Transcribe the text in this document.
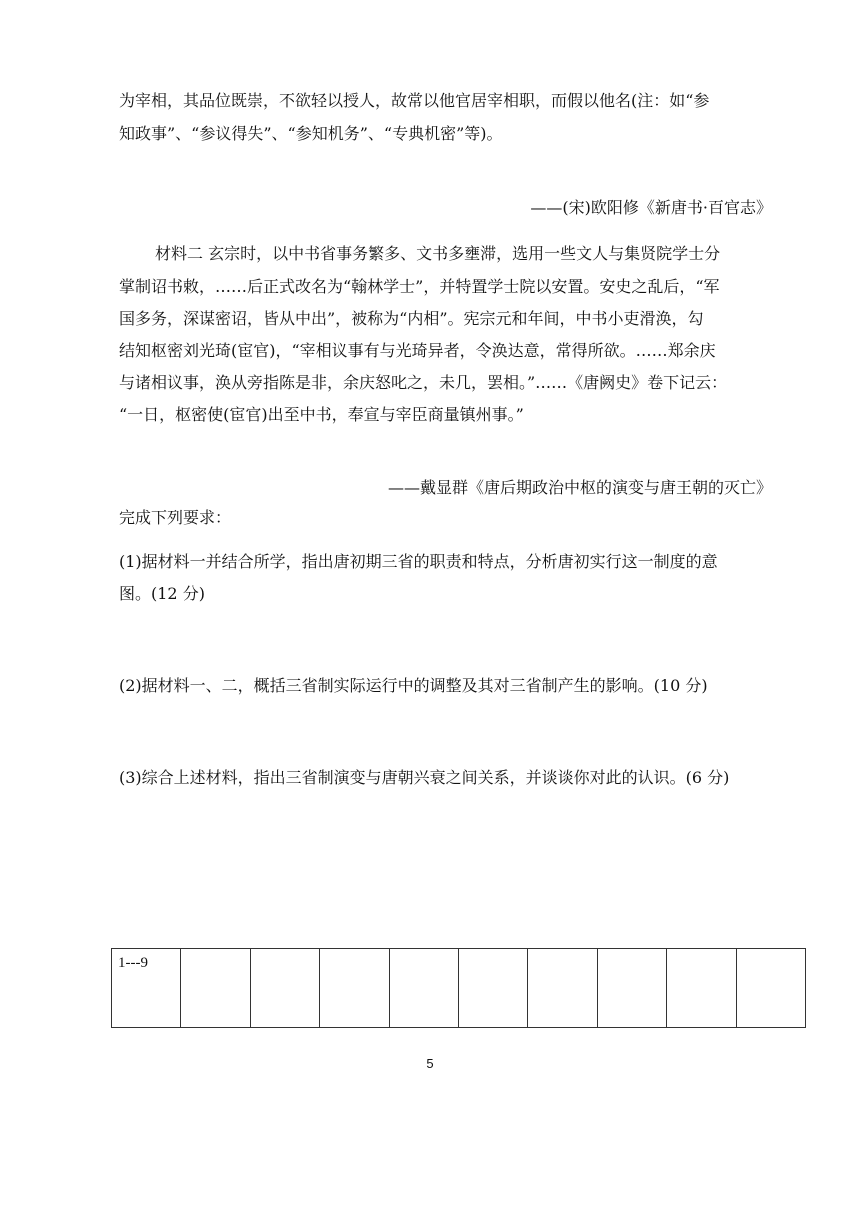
为宰相，其品位既崇，不欲轻以授人，故常以他官居宰相职，而假以他名(注：如“参
知政事”、“参议得失”、“参知机务”、“专典机密”等)。
——(宋)欧阳修《新唐书·百官志》
材料二 玄宗时，以中书省事务繁多、文书多壅滞，选用一些文人与集贤院学士分
掌制诏书敕，……后正式改名为“翰林学士”，并特置学士院以安置。安史之乱后，“军
国多务，深谋密诏，皆从中出”，被称为“内相”。宪宗元和年间，中书小吏滑涣，勾
结知枢密刘光琦(宦官)，“宰相议事有与光琦异者，令涣达意，常得所欲。……郑余庆
与诸相议事，涣从旁指陈是非，余庆怒叱之，未几，罢相。”……《唐阙史》卷下记云：
“一日，枢密使(宦官)出至中书，奉宣与宰臣商量镇州事。”
——戴显群《唐后期政治中枢的演变与唐王朝的灭亡》
完成下列要求：
(1)据材料一并结合所学，指出唐初期三省的职责和特点，分析唐初实行这一制度的意
图。(12 分)
(2)据材料一、二，概括三省制实际运行中的调整及其对三省制产生的影响。(10 分)
(3)综合上述材料，指出三省制演变与唐朝兴衰之间关系，并谈谈你对此的认识。(6 分)
1---9									
5
